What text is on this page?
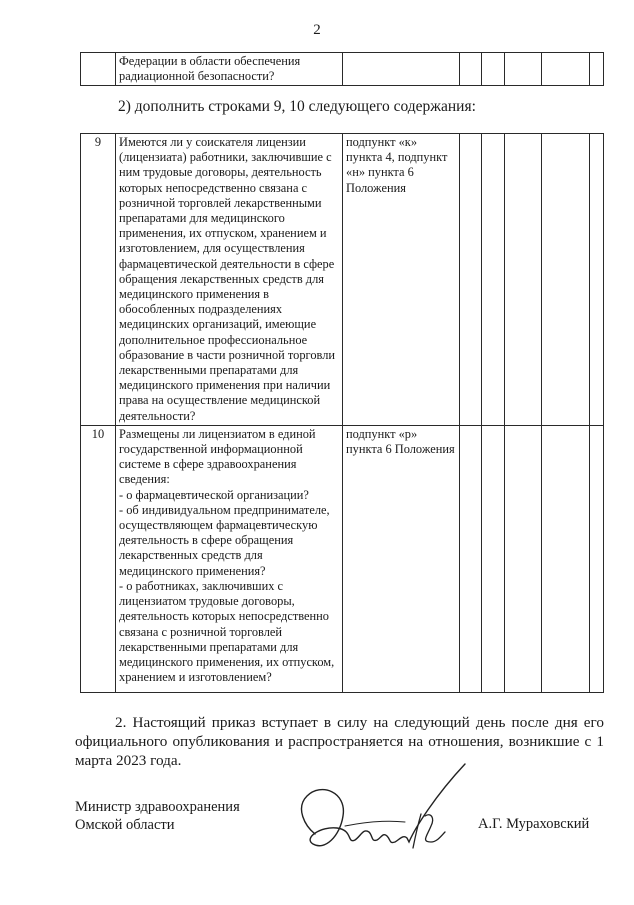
2
	Федерации в области обеспечения радиационной безопасности?						
2) дополнить строками 9, 10 следующего содержания:
9	Имеются ли у соискателя лицензии (лицензиата) работники, заключившие с ним трудовые договоры, деятельность которых непосредственно связана с розничной торговлей лекарственными препаратами для медицинского применения, их отпуском, хранением и изготовлением, для осуществления фармацевтической деятельности в сфере обращения лекарственных средств для медицинского применения в обособленных подразделениях медицинских организаций, имеющие дополнительное профессиональное образование в части розничной торговли лекарственными препаратами для медицинского применения при наличии права на осуществление медицинской деятельности?	подпункт «к» пункта 4, подпункт «н» пункта 6 Положения					
10	Размещены ли лицензиатом в единой государственной информационной системе в сфере здравоохранения сведения:
- о фармацевтической организации?
- об индивидуальном предпринимателе, осуществляющем фармацевтическую деятельность в сфере обращения лекарственных средств для медицинского применения?
- о работниках, заключивших с лицензиатом трудовые договоры, деятельность которых непосредственно связана с розничной торговлей лекарственными препаратами для медицинского применения, их отпуском, хранением и изготовлением?	подпункт «р» пункта 6 Положения					
2. Настоящий приказ вступает в силу на следующий день после дня его официального опубликования и распространяется на отношения, возникшие с 1 марта 2023 года.
Министр здравоохранения
Омской области	А.Г. Мураховский
